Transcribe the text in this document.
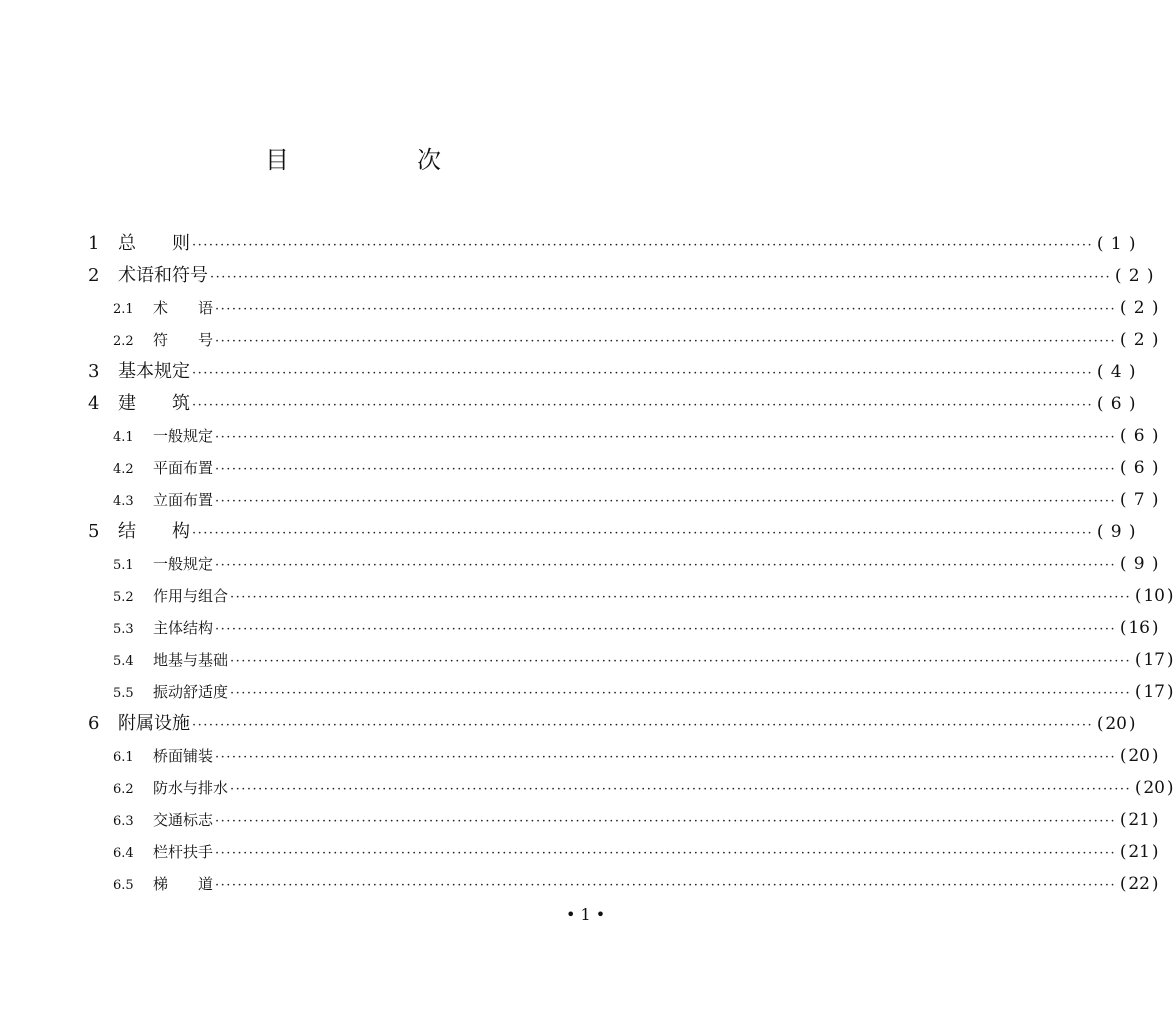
目　次
1	总　　则 ································································································································································ ( 1 )
2	术语和符号 ································································································································································ ( 2 )
2.1	术　　语 ································································································································································ ( 2 )
2.2	符　　号 ································································································································································ ( 2 )
3	基本规定 ································································································································································ ( 4 )
4	建　　筑 ································································································································································ ( 6 )
4.1	一般规定 ································································································································································ ( 6 )
4.2	平面布置 ································································································································································ ( 6 )
4.3	立面布置 ································································································································································ ( 7 )
5	结　　构 ································································································································································ ( 9 )
5.1	一般规定 ································································································································································ ( 9 )
5.2	作用与组合 ································································································································································ ( 10 )
5.3	主体结构 ································································································································································ ( 16 )
5.4	地基与基础 ································································································································································ ( 17 )
5.5	振动舒适度 ································································································································································ ( 17 )
6	附属设施 ································································································································································ ( 20 )
6.1	桥面铺装 ································································································································································ ( 20 )
6.2	防水与排水 ································································································································································ ( 20 )
6.3	交通标志 ································································································································································ ( 21 )
6.4	栏杆扶手 ································································································································································ ( 21 )
6.5	梯　　道 ································································································································································ ( 22 )
• 1 •
